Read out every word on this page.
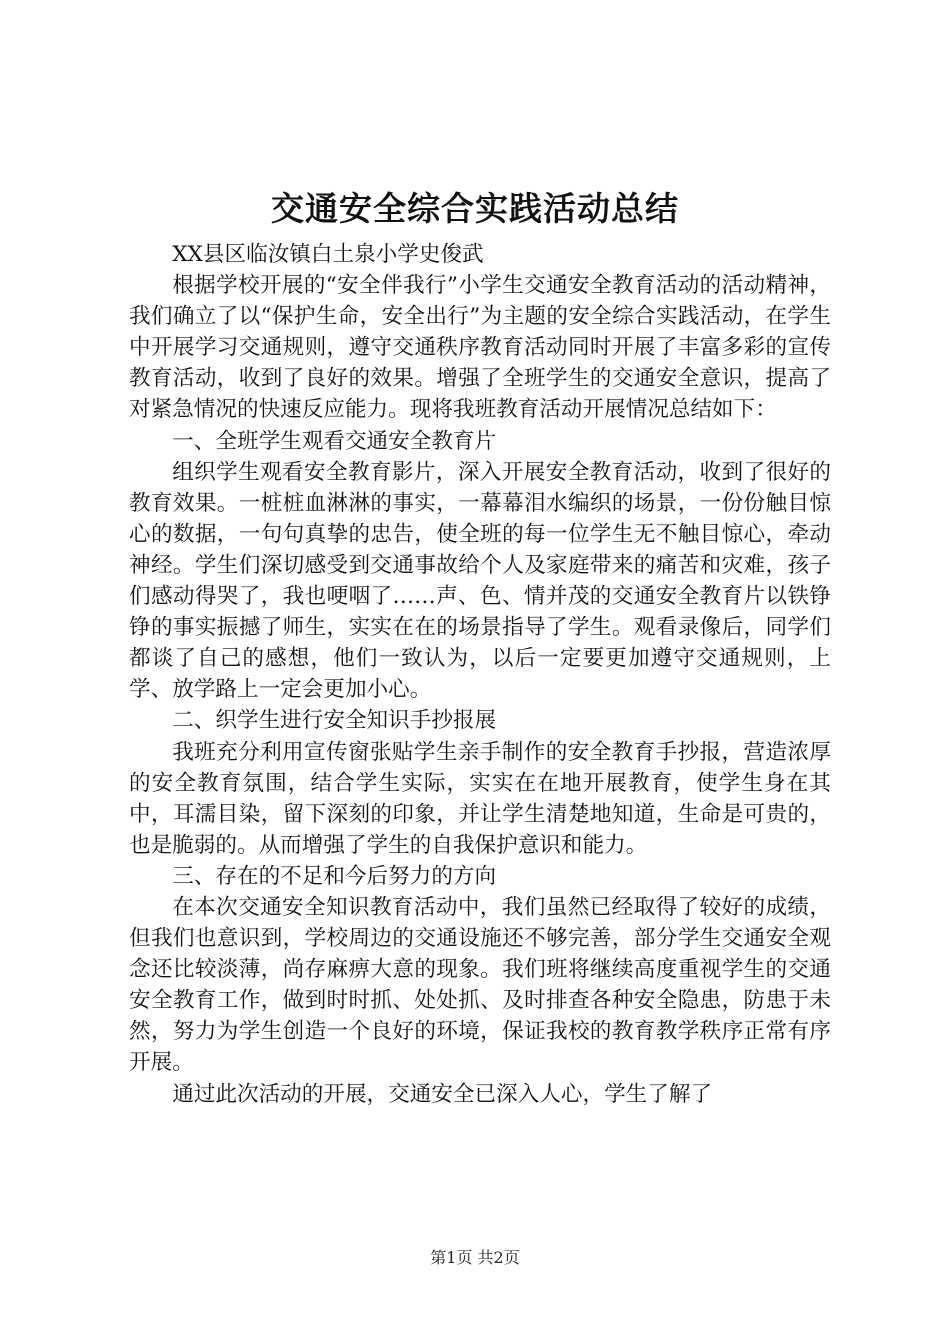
交通安全综合实践活动总结

XX县区临汝镇白土泉小学史俊武

根据学校开展的“安全伴我行”小学生交通安全教育活动的活动精神，我们确立了以“保护生命，安全出行”为主题的安全综合实践活动，在学生中开展学习交通规则，遵守交通秩序教育活动同时开展了丰富多彩的宣传教育活动，收到了良好的效果。增强了全班学生的交通安全意识，提高了对紧急情况的快速反应能力。现将我班教育活动开展情况总结如下：

一、全班学生观看交通安全教育片

组织学生观看安全教育影片，深入开展安全教育活动，收到了很好的教育效果。一桩桩血淋淋的事实，一幕幕泪水编织的场景，一份份触目惊心的数据，一句句真挚的忠告，使全班的每一位学生无不触目惊心，牵动神经。学生们深切感受到交通事故给个人及家庭带来的痛苦和灾难，孩子们感动得哭了，我也哽咽了……声、色、情并茂的交通安全教育片以铁铮铮的事实振撼了师生，实实在在的场景指导了学生。观看录像后，同学们都谈了自己的感想，他们一致认为，以后一定要更加遵守交通规则，上学、放学路上一定会更加小心。

二、织学生进行安全知识手抄报展

我班充分利用宣传窗张贴学生亲手制作的安全教育手抄报，营造浓厚的安全教育氛围，结合学生实际，实实在在地开展教育，使学生身在其中，耳濡目染，留下深刻的印象，并让学生清楚地知道，生命是可贵的，也是脆弱的。从而增强了学生的自我保护意识和能力。

三、存在的不足和今后努力的方向

在本次交通安全知识教育活动中，我们虽然已经取得了较好的成绩，但我们也意识到，学校周边的交通设施还不够完善，部分学生交通安全观念还比较淡薄，尚存麻痹大意的现象。我们班将继续高度重视学生的交通安全教育工作，做到时时抓、处处抓、及时排查各种安全隐患，防患于未然，努力为学生创造一个良好的环境，保证我校的教育教学秩序正常有序开展。

通过此次活动的开展，交通安全已深入人心，学生了解了

第1页 共2页
